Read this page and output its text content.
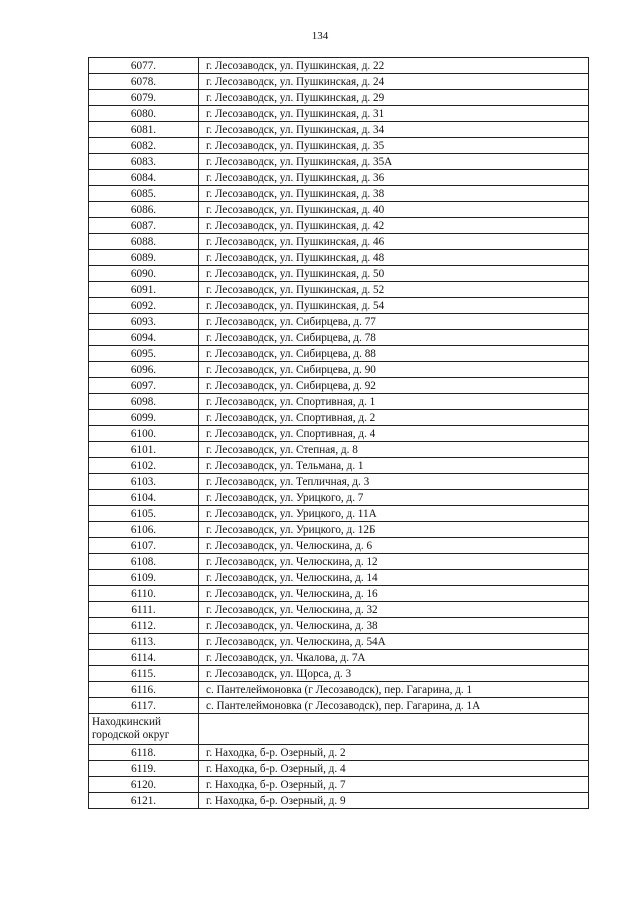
134
6077.	г. Лесозаводск, ул. Пушкинская, д. 22
6078.	г. Лесозаводск, ул. Пушкинская, д. 24
6079.	г. Лесозаводск, ул. Пушкинская, д. 29
6080.	г. Лесозаводск, ул. Пушкинская, д. 31
6081.	г. Лесозаводск, ул. Пушкинская, д. 34
6082.	г. Лесозаводск, ул. Пушкинская, д. 35
6083.	г. Лесозаводск, ул. Пушкинская, д. 35А
6084.	г. Лесозаводск, ул. Пушкинская, д. 36
6085.	г. Лесозаводск, ул. Пушкинская, д. 38
6086.	г. Лесозаводск, ул. Пушкинская, д. 40
6087.	г. Лесозаводск, ул. Пушкинская, д. 42
6088.	г. Лесозаводск, ул. Пушкинская, д. 46
6089.	г. Лесозаводск, ул. Пушкинская, д. 48
6090.	г. Лесозаводск, ул. Пушкинская, д. 50
6091.	г. Лесозаводск, ул. Пушкинская, д. 52
6092.	г. Лесозаводск, ул. Пушкинская, д. 54
6093.	г. Лесозаводск, ул. Сибирцева, д. 77
6094.	г. Лесозаводск, ул. Сибирцева, д. 78
6095.	г. Лесозаводск, ул. Сибирцева, д. 88
6096.	г. Лесозаводск, ул. Сибирцева, д. 90
6097.	г. Лесозаводск, ул. Сибирцева, д. 92
6098.	г. Лесозаводск, ул. Спортивная, д. 1
6099.	г. Лесозаводск, ул. Спортивная, д. 2
6100.	г. Лесозаводск, ул. Спортивная, д. 4
6101.	г. Лесозаводск, ул. Степная, д. 8
6102.	г. Лесозаводск, ул. Тельмана, д. 1
6103.	г. Лесозаводск, ул. Тепличная, д. 3
6104.	г. Лесозаводск, ул. Урицкого, д. 7
6105.	г. Лесозаводск, ул. Урицкого, д. 11А
6106.	г. Лесозаводск, ул. Урицкого, д. 12Б
6107.	г. Лесозаводск, ул. Челюскина, д. 6
6108.	г. Лесозаводск, ул. Челюскина, д. 12
6109.	г. Лесозаводск, ул. Челюскина, д. 14
6110.	г. Лесозаводск, ул. Челюскина, д. 16
6111.	г. Лесозаводск, ул. Челюскина, д. 32
6112.	г. Лесозаводск, ул. Челюскина, д. 38
6113.	г. Лесозаводск, ул. Челюскина, д. 54А
6114.	г. Лесозаводск, ул. Чкалова, д. 7А
6115.	г. Лесозаводск, ул. Щорса, д. 3
6116.	с. Пантелеймоновка (г Лесозаводск), пер. Гагарина, д. 1
6117.	с. Пантелеймоновка (г Лесозаводск), пер. Гагарина, д. 1А
Находкинский городской округ	
6118.	г. Находка, б-р. Озерный, д. 2
6119.	г. Находка, б-р. Озерный, д. 4
6120.	г. Находка, б-р. Озерный, д. 7
6121.	г. Находка, б-р. Озерный, д. 9
